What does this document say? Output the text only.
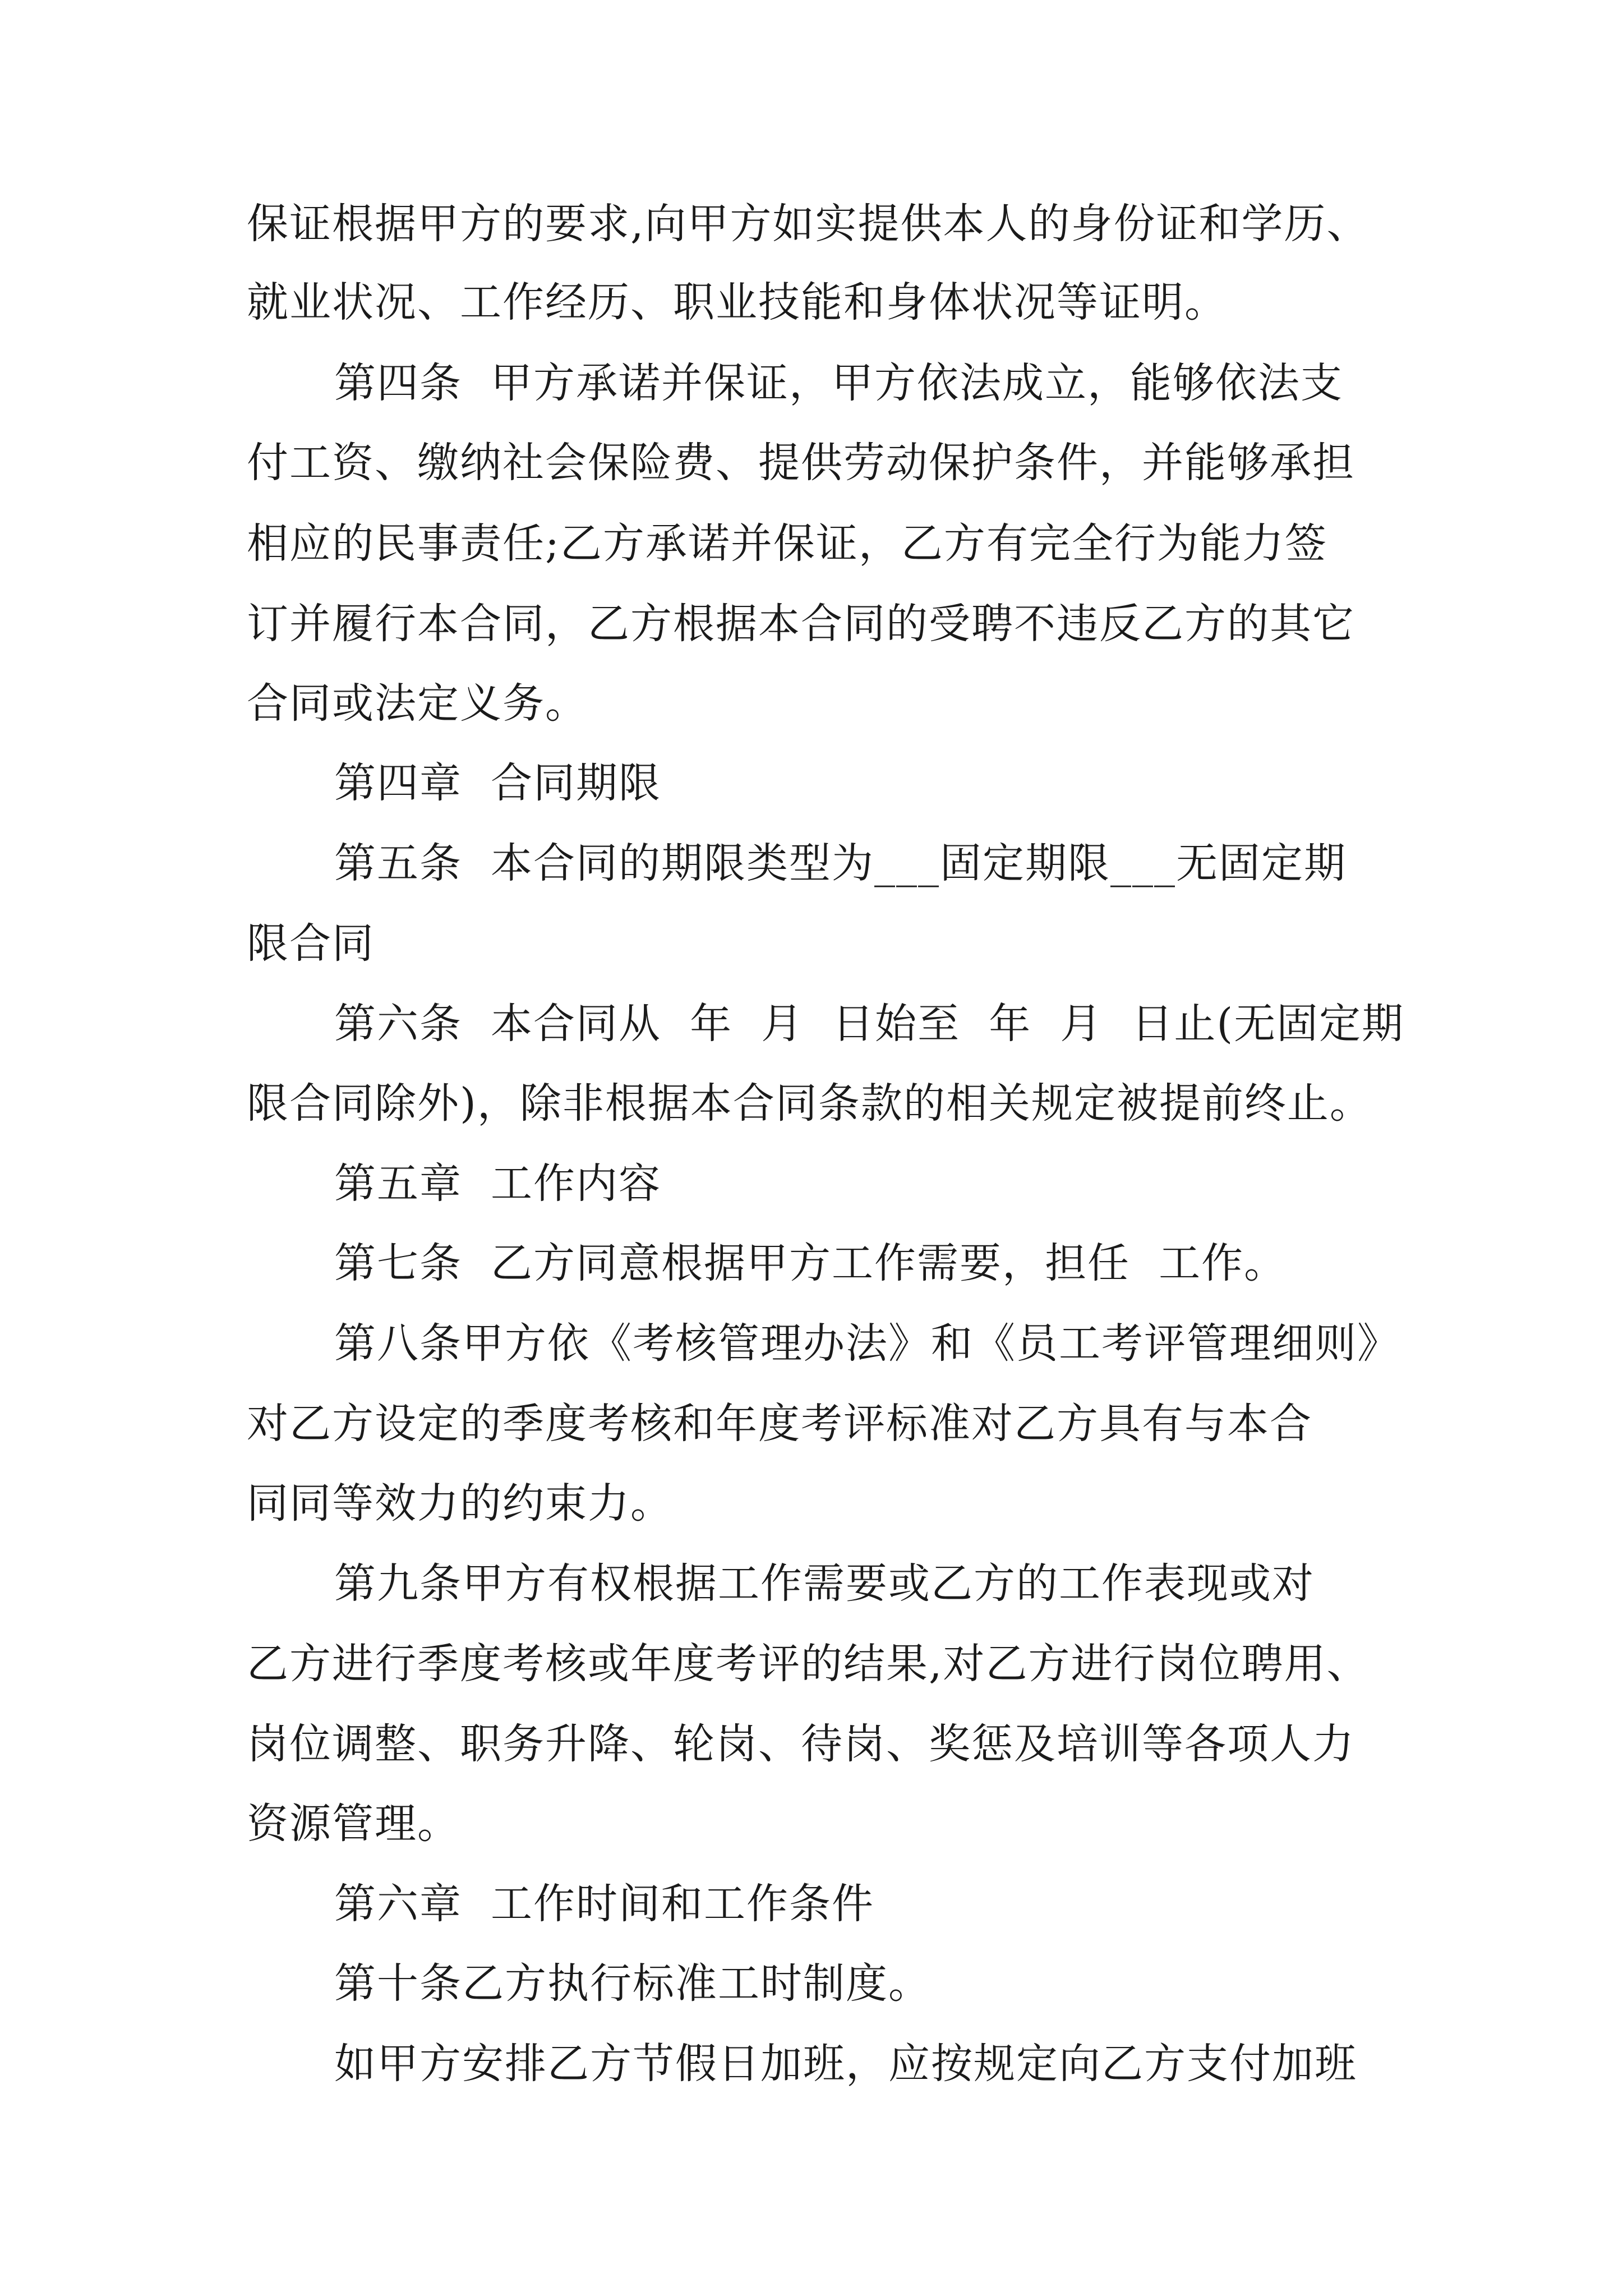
保证根据甲方的要求,向甲方如实提供本人的身份证和学历、
就业状况、工作经历、职业技能和身体状况等证明。
第四条  甲方承诺并保证，甲方依法成立，能够依法支
付工资、缴纳社会保险费、提供劳动保护条件，并能够承担
相应的民事责任;乙方承诺并保证，乙方有完全行为能力签
订并履行本合同，乙方根据本合同的受聘不违反乙方的其它
合同或法定义务。
第四章  合同期限
第五条  本合同的期限类型为___固定期限___无固定期
限合同
第六条  本合同从  年  月  日始至  年  月  日止(无固定期
限合同除外)，除非根据本合同条款的相关规定被提前终止。
第五章  工作内容
第七条  乙方同意根据甲方工作需要，担任  工作。
第八条甲方依《考核管理办法》和《员工考评管理细则》
对乙方设定的季度考核和年度考评标准对乙方具有与本合
同同等效力的约束力。
第九条甲方有权根据工作需要或乙方的工作表现或对
乙方进行季度考核或年度考评的结果,对乙方进行岗位聘用、
岗位调整、职务升降、轮岗、待岗、奖惩及培训等各项人力
资源管理。
第六章  工作时间和工作条件
第十条乙方执行标准工时制度。
如甲方安排乙方节假日加班，应按规定向乙方支付加班
